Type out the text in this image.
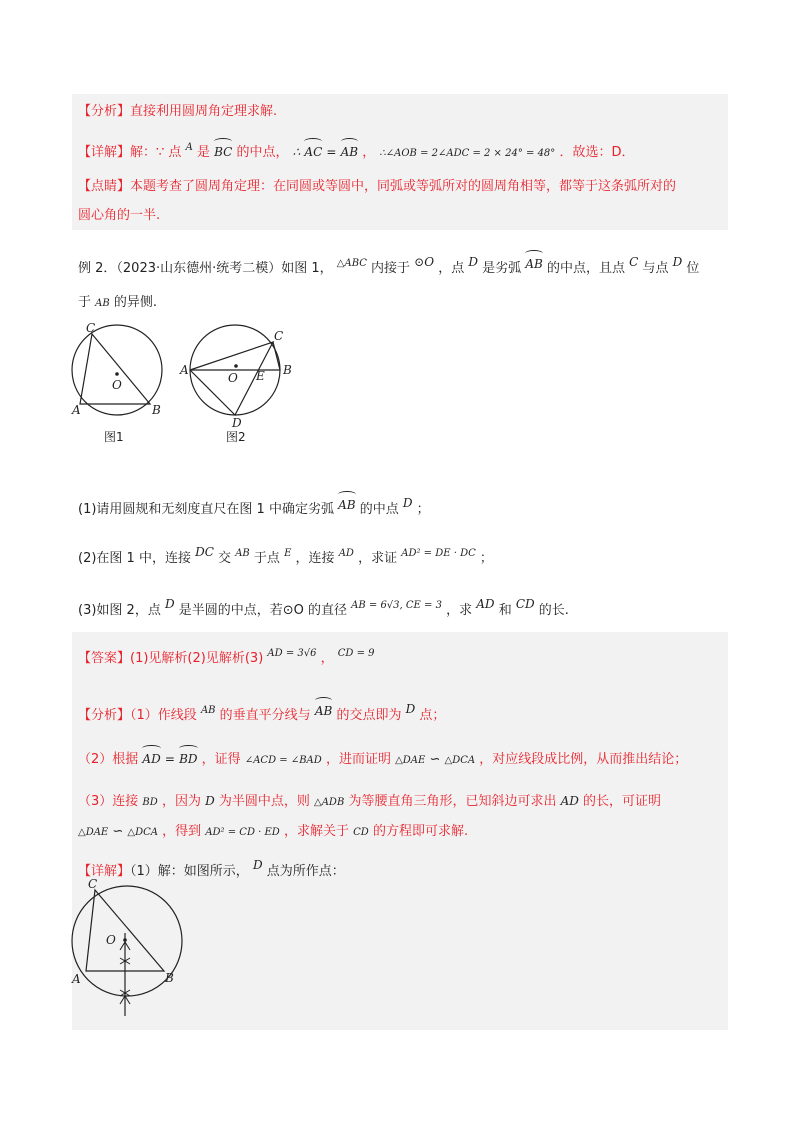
【分析】直接利用圆周角定理求解.
【详解】解：∵ 点 $^A$ 是 BC 的中点， ∴ AC = AB ， ∴∠AOB = 2∠ADC = 2 × 24° = 48° ．故选：D．
【点睛】本题考查了圆周角定理：在同圆或等圆中，同弧或等弧所对的圆周角相等，都等于这条弧所对的
圆心角的一半.
例 2．（2023·山东德州·统考二模）如图 1， $^{\triangle ABC}$ 内接于 ⊙O ，点 D 是劣弧 AB 的中点，且点 C 与点 D 位
于 AB 的异侧.
C
A	B
O
图1
C
A	B
O E
D
图2
(1)请用圆规和无刻度直尺在图 1 中确定劣弧 AB 的中点 D ；
(2)在图 1 中，连接 DC 交 $^{AB}$ 于点 $^E$ ，连接 $^{AD}$ ，求证 $^{AD^2 = DE \cdot DC}$ ；
(3)如图 2，点 D 是半圆的中点，若⊙O 的直径 $^{AB = 6√3, CE = 3}$ ，求 AD 和 CD 的长.
【答案】(1)见解析(2)见解析(3) $^{AD = 3√6}$ ， $^{CD = 9}$
【分析】（1）作线段 $^{AB}$ 的垂直平分线与 AB 的交点即为 D 点；
（2）根据 AD = BD ，证得 ∠ACD = ∠BAD ，进而证明 △DAE ∽ △DCA ，对应线段成比例，从而推出结论；
（3）连接 BD ，因为 D 为半圆中点，则 △ADB 为等腰直角三角形，已知斜边可求出 AD 的长，可证明
△DAE ∽ △DCA ，得到 AD² = CD · ED ，求解关于 CD 的方程即可求解.
【详解】（1）解：如图所示， D 点为所作点：
C
A	B
O
